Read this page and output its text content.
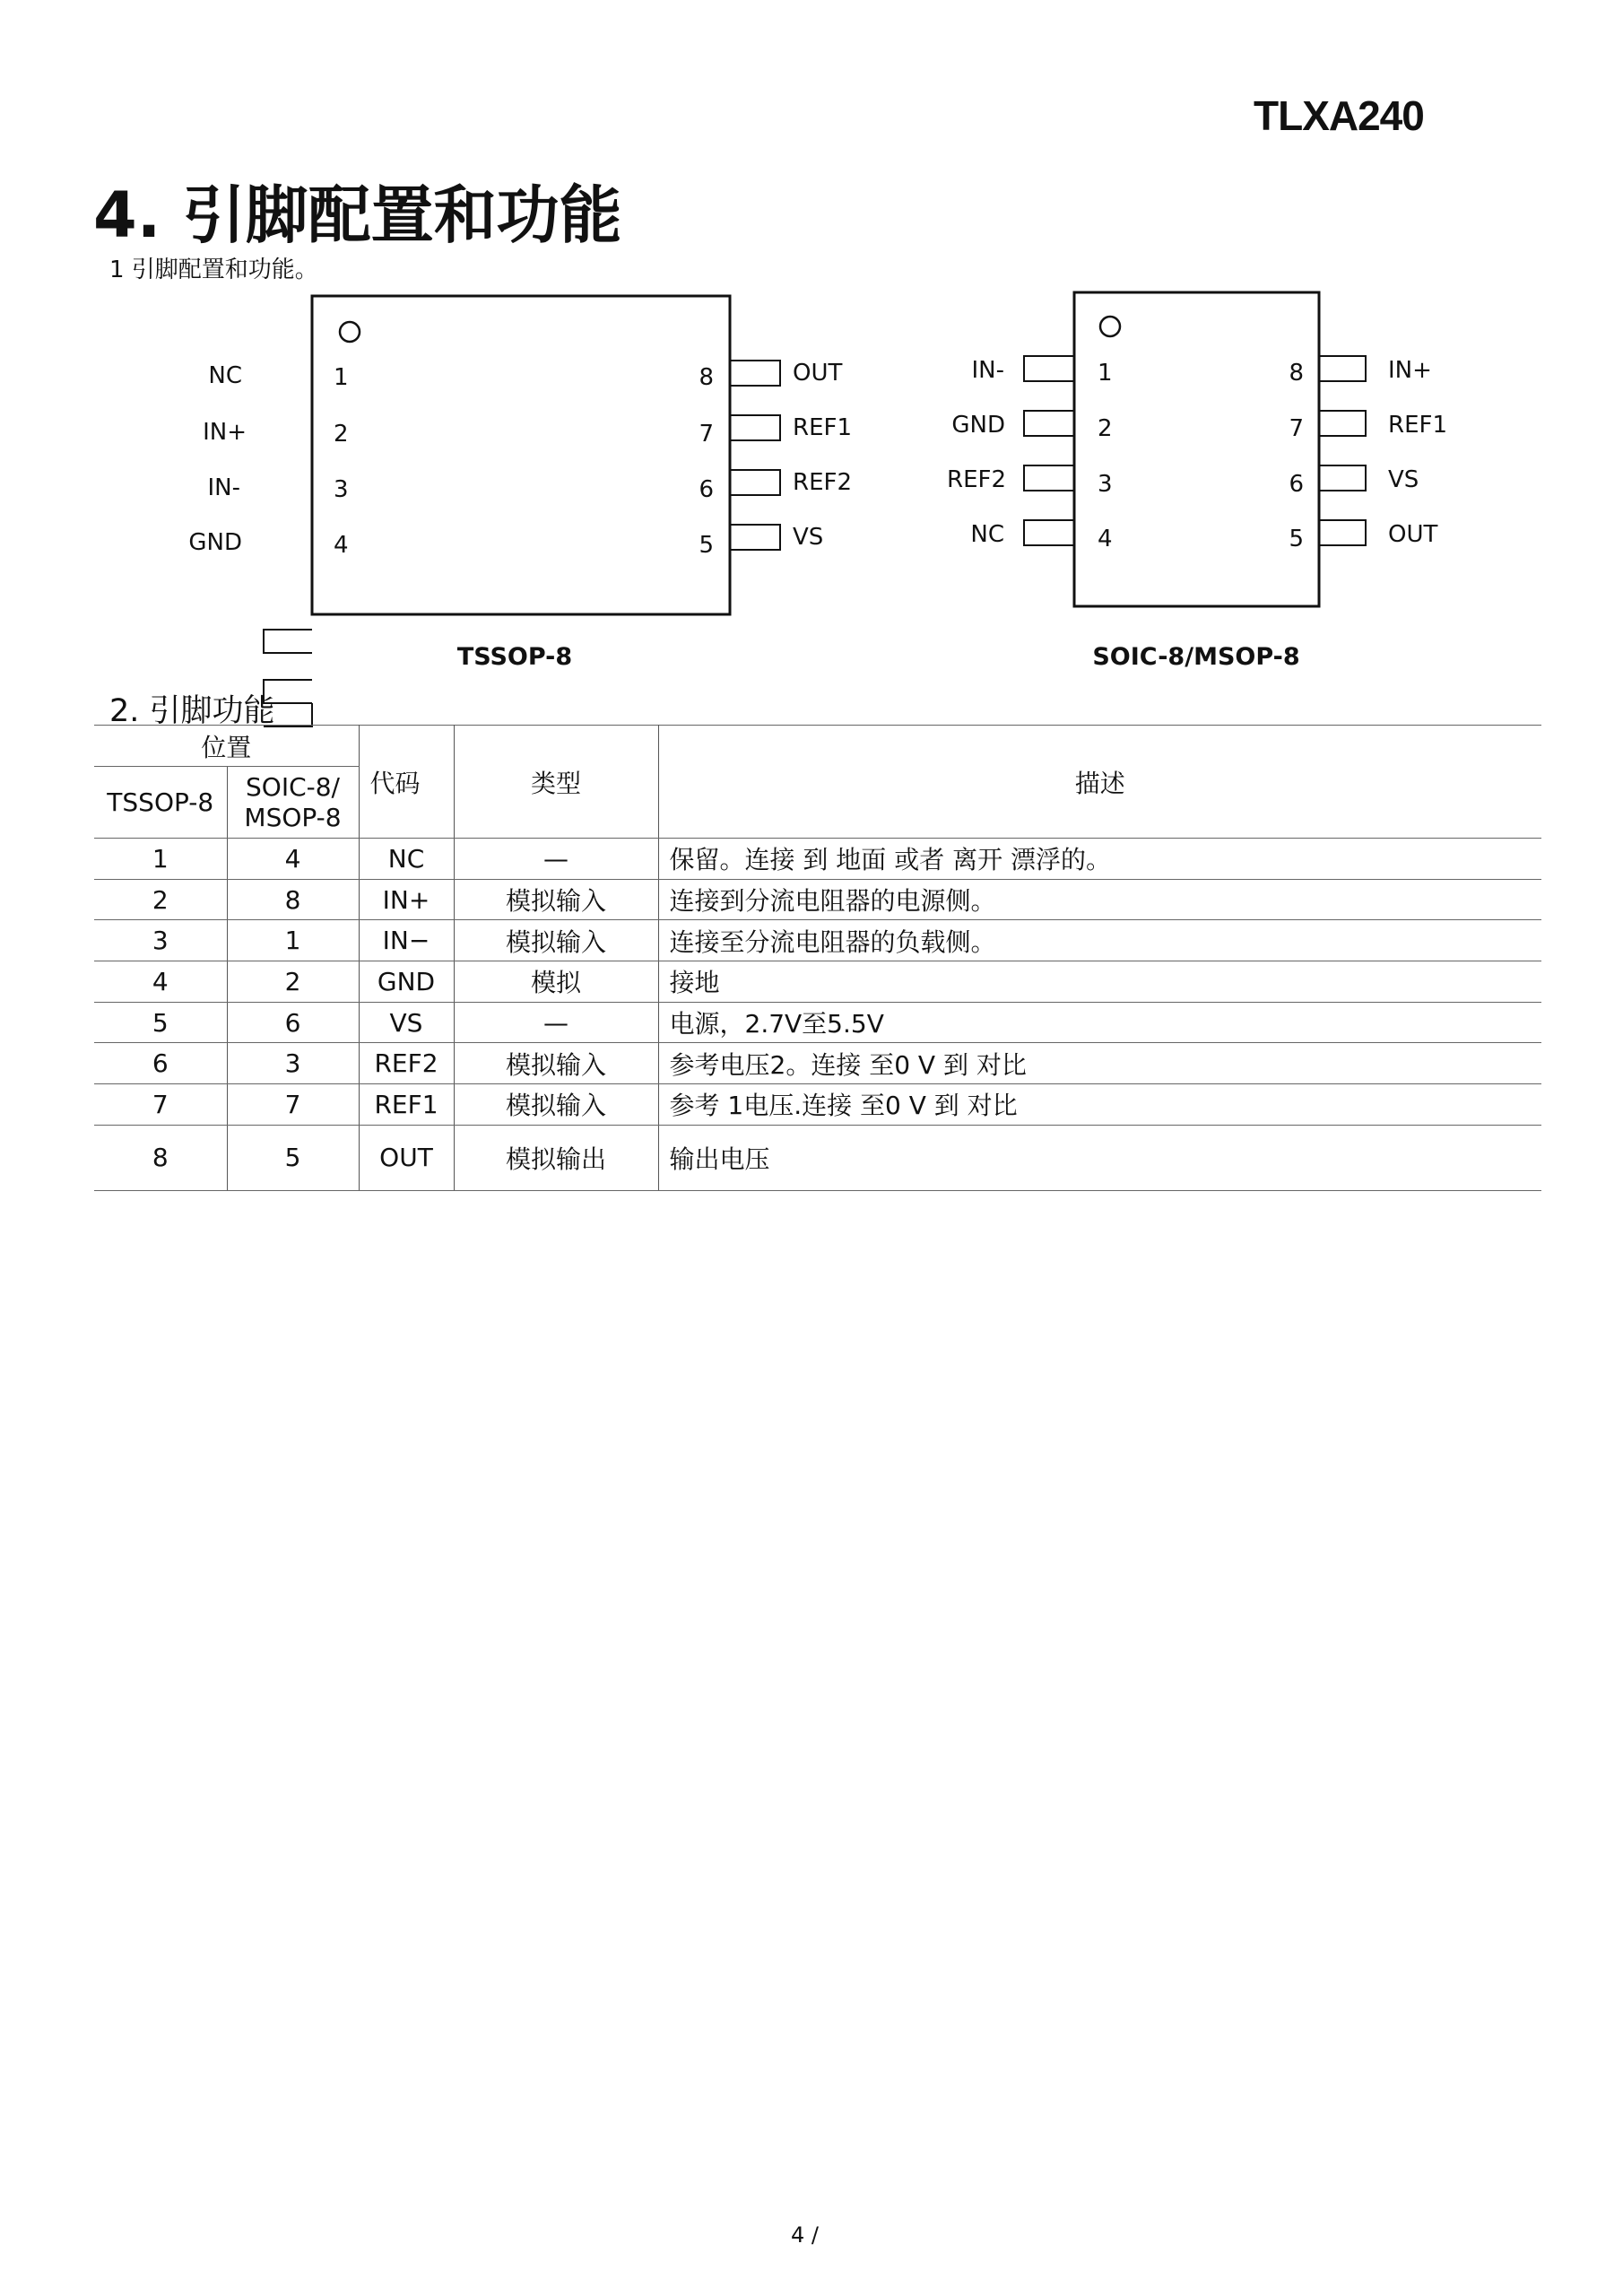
TLXA240
4. 引脚配置和功能
1 引脚配置和功能。
NC
IN+
IN-
GND
1
2
3
4
8
7
6
5
OUT
REF1
REF2
VS
TSSOP-8
IN-
GND
REF2
NC
1
2
3
4
8
7
6
5
IN+
REF1
VS
OUT
SOIC-8/MSOP-8
2. 引脚功能
位置		代码	类型	描述
TSSOP-8	SOIC-8/
MSOP-8			
1	4	NC	—	保留。连接 到 地面 或者 离开 漂浮的。
2	8	IN+	模拟输入	连接到分流电阻器的电源侧。
3	1	IN−	模拟输入	连接至分流电阻器的负载侧。
4	2	GND	模拟	接地
5	6	VS	—	电源，2.7V至5.5V
6	3	REF2	模拟输入	参考电压2。连接 至0 V 到 对比
7	7	REF1	模拟输入	参考 1电压.连接 至0 V 到 对比
8	5	OUT	模拟输出	输出电压
4 /
